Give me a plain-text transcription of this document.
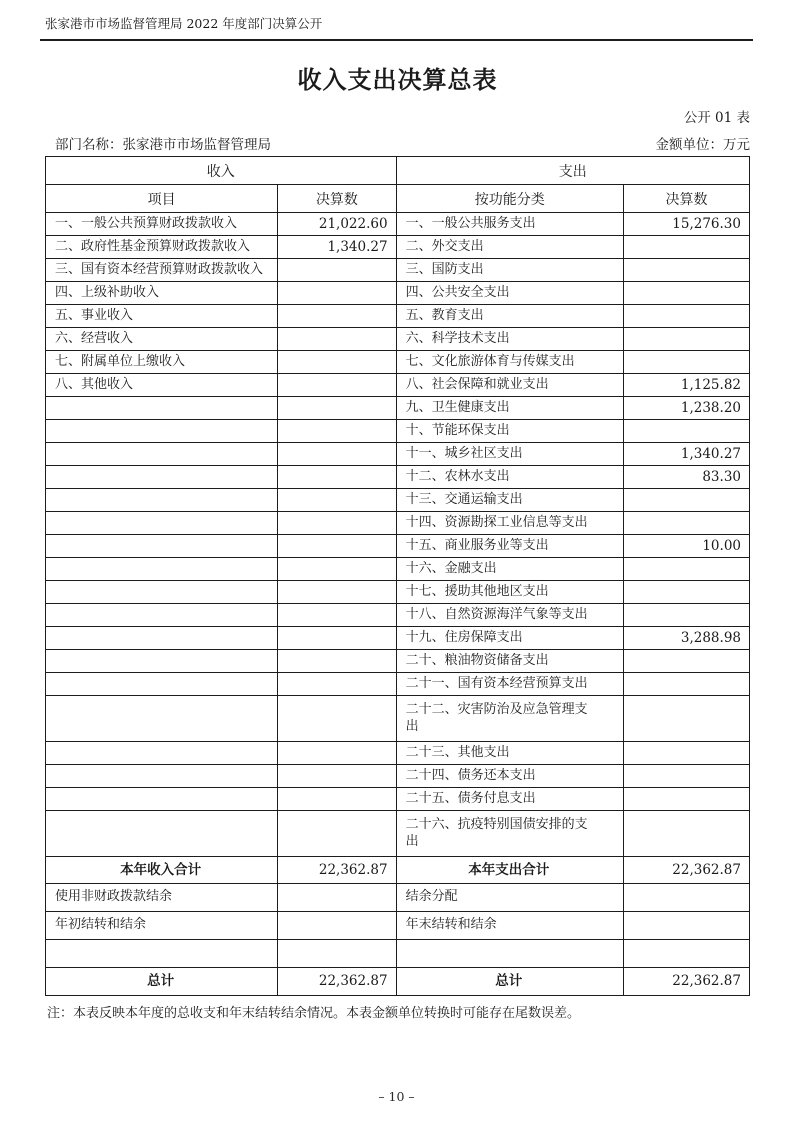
张家港市市场监督管理局 2022 年度部门决算公开
收入支出决算总表
公开 01 表
部门名称：张家港市市场监督管理局	金额单位：万元
收入		支出	
项目	决算数	按功能分类	决算数
一、一般公共预算财政拨款收入	21,022.60	一、一般公共服务支出	15,276.30
二、政府性基金预算财政拨款收入	1,340.27	二、外交支出	
三、国有资本经营预算财政拨款收入		三、国防支出	
四、上级补助收入		四、公共安全支出	
五、事业收入		五、教育支出	
六、经营收入		六、科学技术支出	
七、附属单位上缴收入		七、文化旅游体育与传媒支出	
八、其他收入		八、社会保障和就业支出	1,125.82
		九、卫生健康支出	1,238.20
		十、节能环保支出	
		十一、城乡社区支出	1,340.27
		十二、农林水支出	83.30
		十三、交通运输支出	
		十四、资源勘探工业信息等支出	
		十五、商业服务业等支出	10.00
		十六、金融支出	
		十七、援助其他地区支出	
		十八、自然资源海洋气象等支出	
		十九、住房保障支出	3,288.98
		二十、粮油物资储备支出	
		二十一、国有资本经营预算支出	
		二十二、灾害防治及应急管理支出	
		二十三、其他支出	
		二十四、债务还本支出	
		二十五、债务付息支出	
		二十六、抗疫特别国债安排的支出	
本年收入合计	22,362.87	本年支出合计	22,362.87
使用非财政拨款结余		结余分配	
年初结转和结余		年末结转和结余	

总计	22,362.87	总计	22,362.87
注：本表反映本年度的总收支和年末结转结余情况。本表金额单位转换时可能存在尾数误差。
– 10 –
